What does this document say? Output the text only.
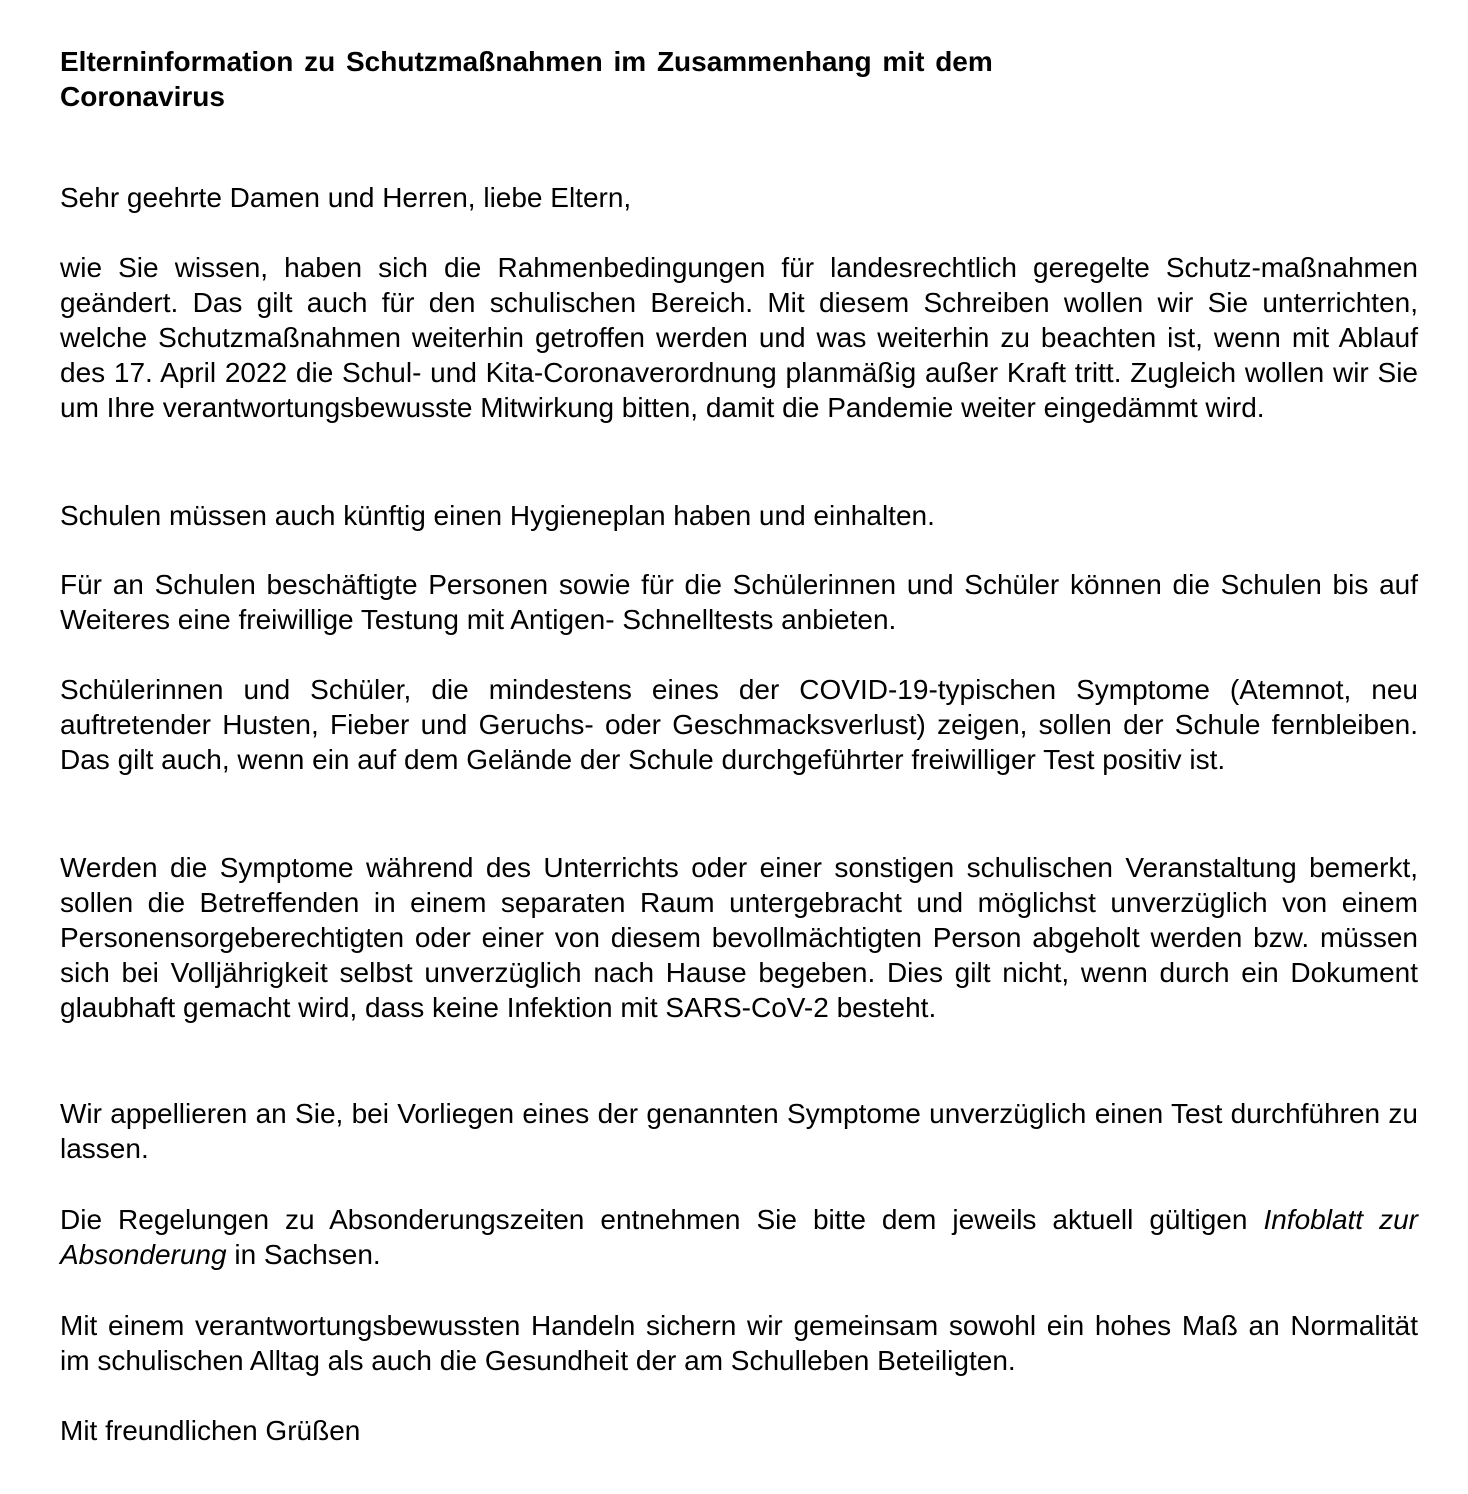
Elterninformation zu Schutzmaßnahmen im Zusammenhang mit dem Coronavirus

Sehr geehrte Damen und Herren, liebe Eltern,

wie Sie wissen, haben sich die Rahmenbedingungen für landesrechtlich geregelte Schutz-maßnahmen geändert. Das gilt auch für den schulischen Bereich. Mit diesem Schreiben wollen wir Sie unterrichten, welche Schutzmaßnahmen weiterhin getroffen werden und was weiterhin zu beachten ist, wenn mit Ablauf des 17. April 2022 die Schul- und Kita-Coronaverordnung planmäßig außer Kraft tritt. Zugleich wollen wir Sie um Ihre verantwortungsbewusste Mitwirkung bitten, damit die Pandemie weiter eingedämmt wird.

Schulen müssen auch künftig einen Hygieneplan haben und einhalten.

Für an Schulen beschäftigte Personen sowie für die Schülerinnen und Schüler können die Schulen bis auf Weiteres eine freiwillige Testung mit Antigen- Schnelltests anbieten.

Schülerinnen und Schüler, die mindestens eines der COVID-19-typischen Symptome (Atemnot, neu auftretender Husten, Fieber und Geruchs- oder Geschmacksverlust) zeigen, sollen der Schule fernbleiben. Das gilt auch, wenn ein auf dem Gelände der Schule durchgeführter freiwilliger Test positiv ist.

Werden die Symptome während des Unterrichts oder einer sonstigen schulischen Veranstaltung bemerkt, sollen die Betreffenden in einem separaten Raum untergebracht und möglichst unverzüglich von einem Personensorgeberechtigten oder einer von diesem bevollmächtigten Person abgeholt werden bzw. müssen sich bei Volljährigkeit selbst unverzüglich nach Hause begeben. Dies gilt nicht, wenn durch ein Dokument glaubhaft gemacht wird, dass keine Infektion mit SARS-CoV-2 besteht.

Wir appellieren an Sie, bei Vorliegen eines der genannten Symptome unverzüglich einen Test durchführen zu lassen.

Die Regelungen zu Absonderungszeiten entnehmen Sie bitte dem jeweils aktuell gültigen Infoblatt zur Absonderung in Sachsen.

Mit einem verantwortungsbewussten Handeln sichern wir gemeinsam sowohl ein hohes Maß an Normalität im schulischen Alltag als auch die Gesundheit der am Schulleben Beteiligten.

Mit freundlichen Grüßen
